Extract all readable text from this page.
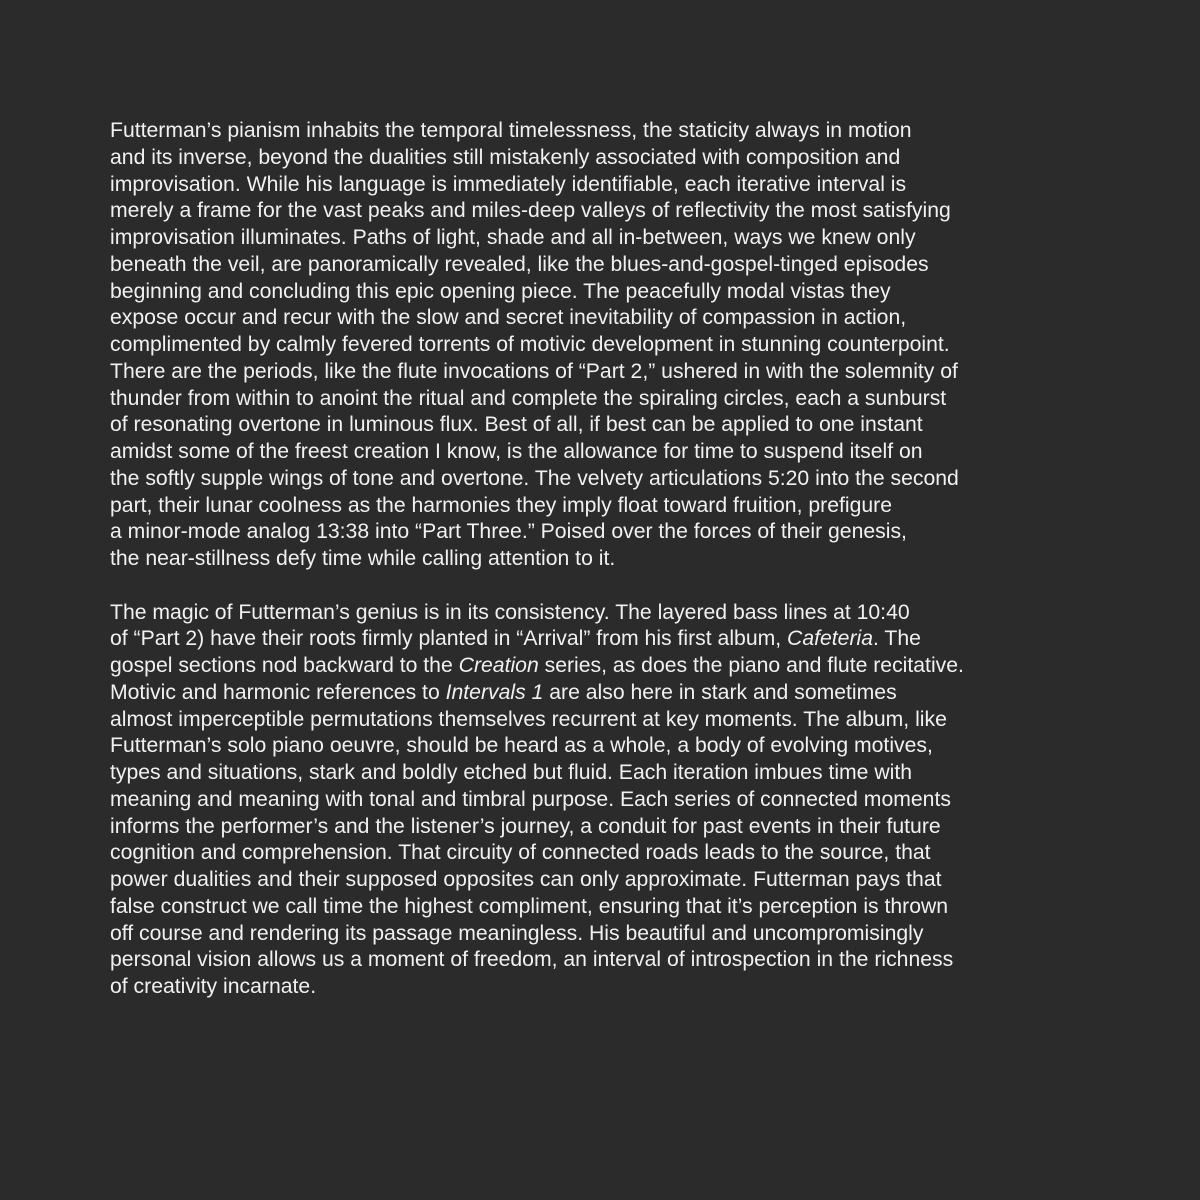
Futterman’s pianism inhabits the temporal timelessness, the staticity always in motion
and its inverse, beyond the dualities still mistakenly associated with composition and
improvisation. While his language is immediately identifiable, each iterative interval is
merely a frame for the vast peaks and miles-deep valleys of reflectivity the most satisfying
improvisation illuminates. Paths of light, shade and all in-between, ways we knew only
beneath the veil, are panoramically revealed, like the blues-and-gospel-tinged episodes
beginning and concluding this epic opening piece. The peacefully modal vistas they
expose occur and recur with the slow and secret inevitability of compassion in action,
complimented by calmly fevered torrents of motivic development in stunning counterpoint.
There are the periods, like the flute invocations of “Part 2,” ushered in with the solemnity of
thunder from within to anoint the ritual and complete the spiraling circles, each a sunburst
of resonating overtone in luminous flux. Best of all, if best can be applied to one instant
amidst some of the freest creation I know, is the allowance for time to suspend itself on
the softly supple wings of tone and overtone. The velvety articulations 5:20 into the second
part, their lunar coolness as the harmonies they imply float toward fruition, prefigure
a minor-mode analog 13:38 into “Part Three.” Poised over the forces of their genesis,
the near-stillness defy time while calling attention to it.
The magic of Futterman’s genius is in its consistency. The layered bass lines at 10:40
of “Part 2) have their roots firmly planted in “Arrival” from his first album, Cafeteria. The
gospel sections nod backward to the Creation series, as does the piano and flute recitative.
Motivic and harmonic references to Intervals 1 are also here in stark and sometimes
almost imperceptible permutations themselves recurrent at key moments. The album, like
Futterman’s solo piano oeuvre, should be heard as a whole, a body of evolving motives,
types and situations, stark and boldly etched but fluid. Each iteration imbues time with
meaning and meaning with tonal and timbral purpose. Each series of connected moments
informs the performer’s and the listener’s journey, a conduit for past events in their future
cognition and comprehension. That circuity of connected roads leads to the source, that
power dualities and their supposed opposites can only approximate. Futterman pays that
false construct we call time the highest compliment, ensuring that it’s perception is thrown
off course and rendering its passage meaningless. His beautiful and uncompromisingly
personal vision allows us a moment of freedom, an interval of introspection in the richness
of creativity incarnate.
